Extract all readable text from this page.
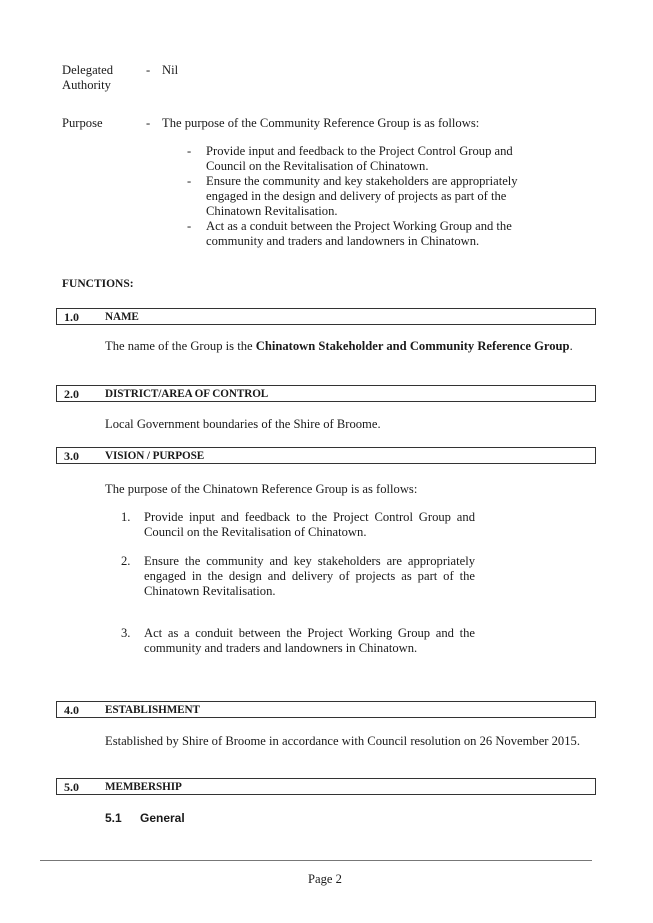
Delegated
Authority
- Nil
Purpose	- The purpose of the Community Reference Group is as follows:
- Provide input and feedback to the Project Control Group and
Council on the Revitalisation of Chinatown.
- Ensure the community and key stakeholders are appropriately
engaged in the design and delivery of projects as part of the
Chinatown Revitalisation.
- Act as a conduit between the Project Working Group and the
community and traders and landowners in Chinatown.
FUNCTIONS:
1.0 NAME
The name of the Group is the Chinatown Stakeholder and Community Reference Group.
2.0 DISTRICT/AREA OF CONTROL
Local Government boundaries of the Shire of Broome.
3.0 VISION / PURPOSE
The purpose of the Chinatown Reference Group is as follows:
1. Provide input and feedback to the Project Control Group and Council on the Revitalisation of Chinatown.
2. Ensure the community and key stakeholders are appropriately engaged in the design and delivery of projects as part of the Chinatown Revitalisation.
3. Act as a conduit between the Project Working Group and the community and traders and landowners in Chinatown.
4.0 ESTABLISHMENT
Established by Shire of Broome in accordance with Council resolution on 26 November 2015.
5.0 MEMBERSHIP
5.1 General
Page 2
